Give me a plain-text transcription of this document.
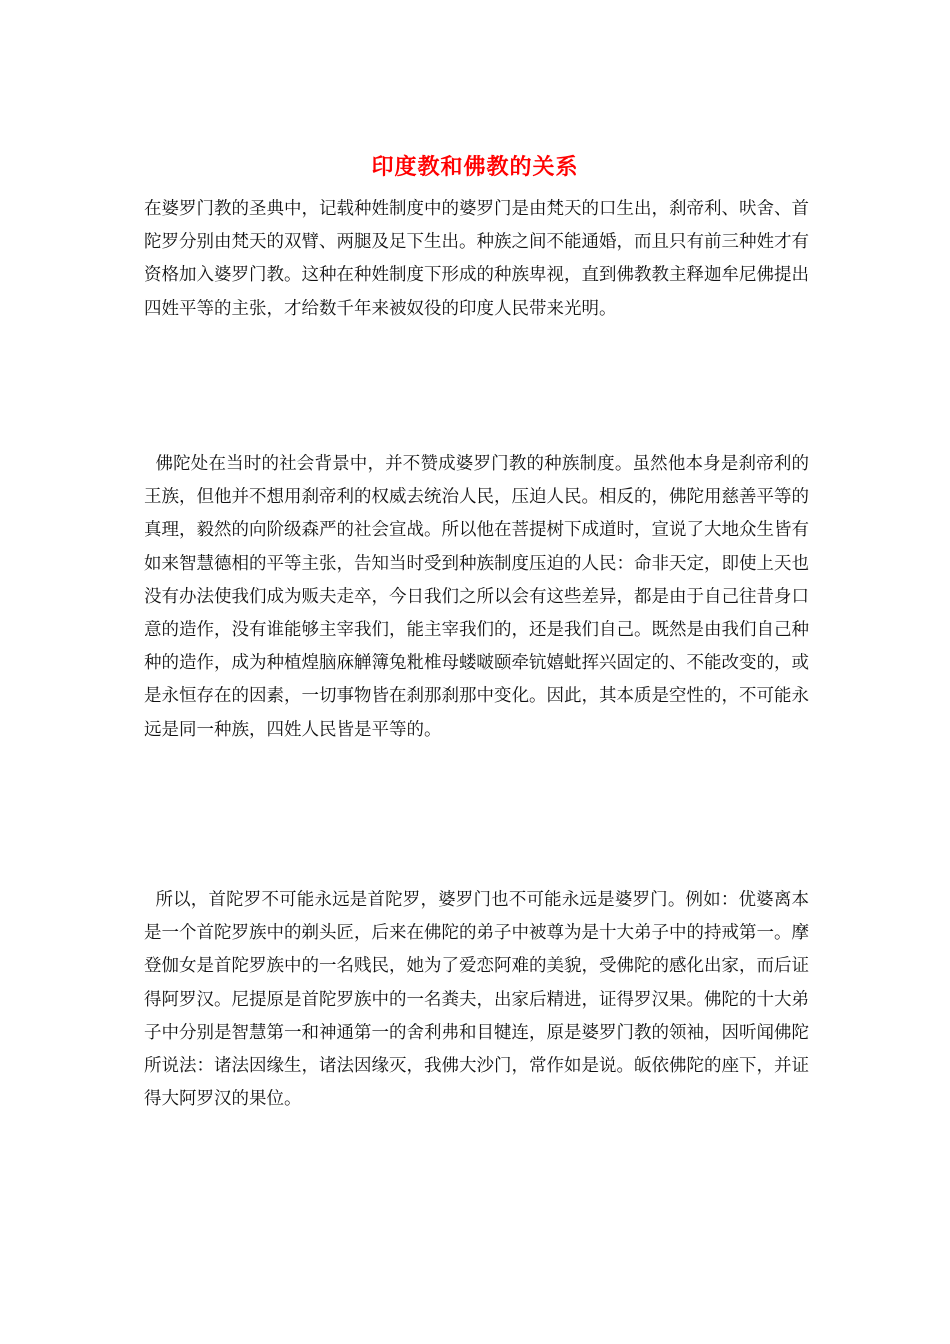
印度教和佛教的关系

在婆罗门教的圣典中，记载种姓制度中的婆罗门是由梵天的口生出，刹帝利、吠舍、首陀罗分别由梵天的双臂、两腿及足下生出。种族之间不能通婚，而且只有前三种姓才有资格加入婆罗门教。这种在种姓制度下形成的种族卑视，直到佛教教主释迦牟尼佛提出四姓平等的主张，才给数千年来被奴役的印度人民带来光明。

佛陀处在当时的社会背景中，并不赞成婆罗门教的种族制度。虽然他本身是刹帝利的王族，但他并不想用刹帝利的权威去统治人民，压迫人民。相反的，佛陀用慈善平等的真理，毅然的向阶级森严的社会宣战。所以他在菩提树下成道时，宣说了大地众生皆有如来智慧德相的平等主张，告知当时受到种族制度压迫的人民：命非天定，即使上天也没有办法使我们成为贩夫走卒，今日我们之所以会有这些差异，都是由于自己往昔身口意的造作，没有谁能够主宰我们，能主宰我们的，还是我们自己。既然是由我们自己种种的造作，成为种植煌脑庥觯簿兔粃椎母蝼啵颐牵钪嬉蚍挥兴固定的、不能改变的，或是永恒存在的因素，一切事物皆在刹那刹那中变化。因此，其本质是空性的，不可能永远是同一种族，四姓人民皆是平等的。

所以，首陀罗不可能永远是首陀罗，婆罗门也不可能永远是婆罗门。例如：优婆离本是一个首陀罗族中的剃头匠，后来在佛陀的弟子中被尊为是十大弟子中的持戒第一。摩登伽女是首陀罗族中的一名贱民，她为了爱恋阿难的美貌，受佛陀的感化出家，而后证得阿罗汉。尼提原是首陀罗族中的一名粪夫，出家后精进，证得罗汉果。佛陀的十大弟子中分别是智慧第一和神通第一的舍利弗和目犍连，原是婆罗门教的领袖，因听闻佛陀所说法：诸法因缘生，诸法因缘灭，我佛大沙门，常作如是说。皈依佛陀的座下，并证得大阿罗汉的果位。
